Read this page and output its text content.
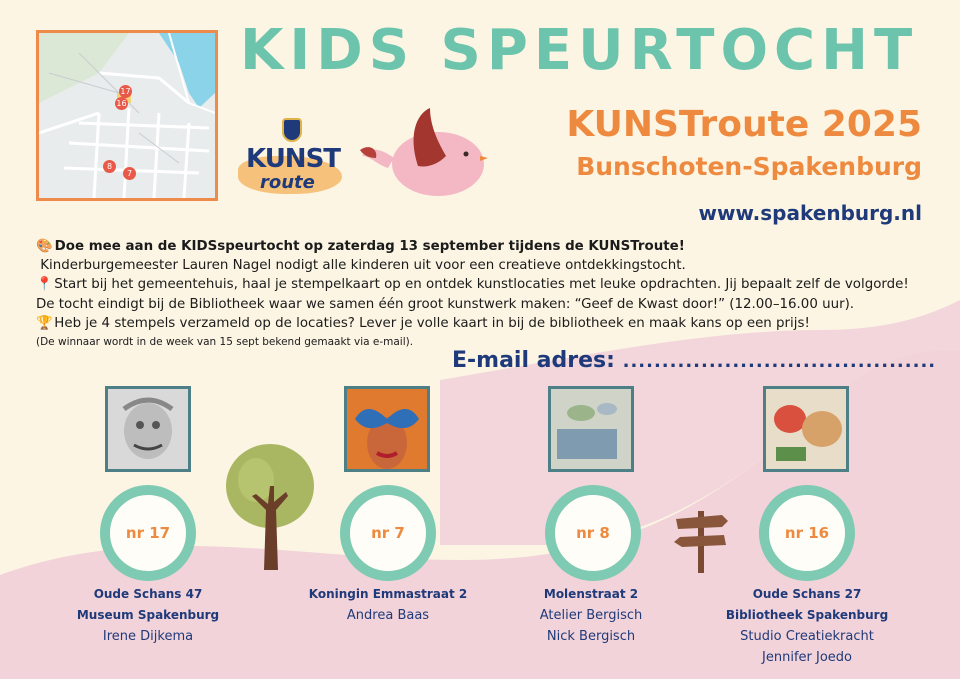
17
16
8
7
KIDS SPEURTOCHT
KUNSTroute 2025
Bunschoten-Spakenburg
www.spakenburg.nl
KUNST
route
🎨 Doe mee aan de KIDSspeurtocht op zaterdag 13 september tijdens de KUNSTroute!
Kinderburgemeester Lauren Nagel nodigt alle kinderen uit voor een creatieve ontdekkingstocht.
📍 Start bij het gemeentehuis, haal je stempelkaart op en ontdek kunstlocaties met leuke opdrachten. Jij bepaalt zelf de volgorde!
De tocht eindigt bij de Bibliotheek waar we samen één groot kunstwerk maken: “Geef de Kwast door!” (12.00–16.00 uur).
🏆 Heb je 4 stempels verzameld op de locaties? Lever je volle kaart in bij de bibliotheek en maak kans op een prijs!
(De winnaar wordt in de week van 15 sept bekend gemaakt via e-mail).
E-mail adres: ........................................
nr 17
Oude Schans 47
Museum Spakenburg
Irene Dijkema
nr 7
Koningin Emmastraat 2
Andrea Baas
nr 8
Molenstraat 2
Atelier Bergisch
Nick Bergisch
nr 16
Oude Schans 27
Bibliotheek Spakenburg
Studio Creatiekracht
Jennifer Joedo
